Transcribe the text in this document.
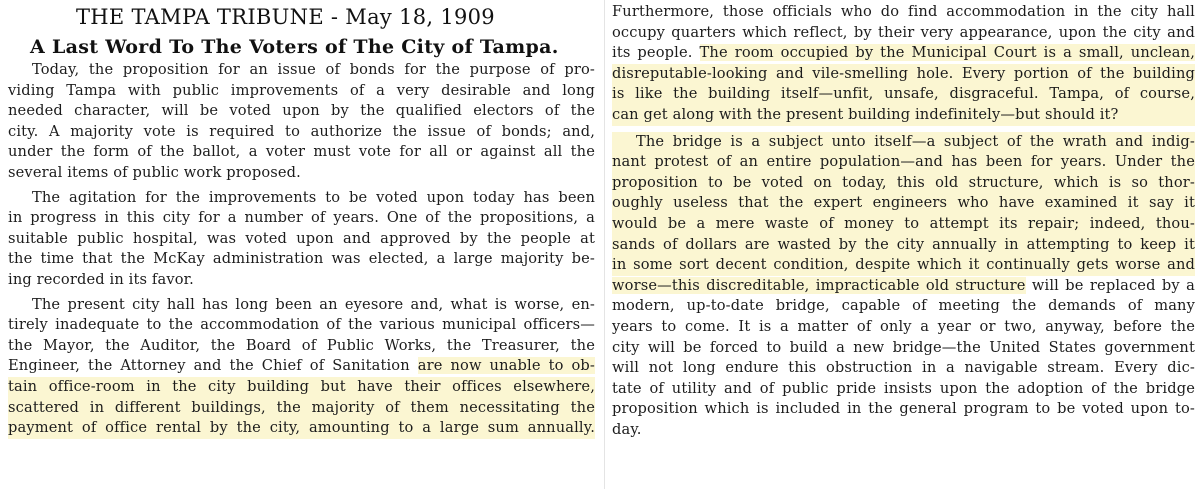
THE TAMPA TRIBUNE - May 18, 1909
A Last Word To The Voters of The City of Tampa.
Today, the proposition for an issue of bonds for the purpose of pro-
viding Tampa with public improvements of a very desirable and long
needed character, will be voted upon by the qualified electors of the
city. A majority vote is required to authorize the issue of bonds; and,
under the form of the ballot, a voter must vote for all or against all the
several items of public work proposed.
The agitation for the improvements to be voted upon today has been
in progress in this city for a number of years. One of the propositions, a
suitable public hospital, was voted upon and approved by the people at
the time that the McKay administration was elected, a large majority be-
ing recorded in its favor.
The present city hall has long been an eyesore and, what is worse, en-
tirely inadequate to the accommodation of the various municipal officers—
the Mayor, the Auditor, the Board of Public Works, the Treasurer, the
Engineer, the Attorney and the Chief of Sanitation are now unable to ob-
tain office-room in the city building but have their offices elsewhere,
scattered in different buildings, the majority of them necessitating the
payment of office rental by the city, amounting to a large sum annually.
Furthermore, those officials who do find accommodation in the city hall
occupy quarters which reflect, by their very appearance, upon the city and
its people. The room occupied by the Municipal Court is a small, unclean,
disreputable-looking and vile-smelling hole. Every portion of the building
is like the building itself—unfit, unsafe, disgraceful. Tampa, of course,
can get along with the present building indefinitely—but should it?
The bridge is a subject unto itself—a subject of the wrath and indig-
nant protest of an entire population—and has been for years. Under the
proposition to be voted on today, this old structure, which is so thor-
oughly useless that the expert engineers who have examined it say it
would be a mere waste of money to attempt its repair; indeed, thou-
sands of dollars are wasted by the city annually in attempting to keep it
in some sort decent condition, despite which it continually gets worse and
worse—this discreditable, impracticable old structure will be replaced by a
modern, up-to-date bridge, capable of meeting the demands of many
years to come. It is a matter of only a year or two, anyway, before the
city will be forced to build a new bridge—the United States government
will not long endure this obstruction in a navigable stream. Every dic-
tate of utility and of public pride insists upon the adoption of the bridge
proposition which is included in the general program to be voted upon to-
day.
